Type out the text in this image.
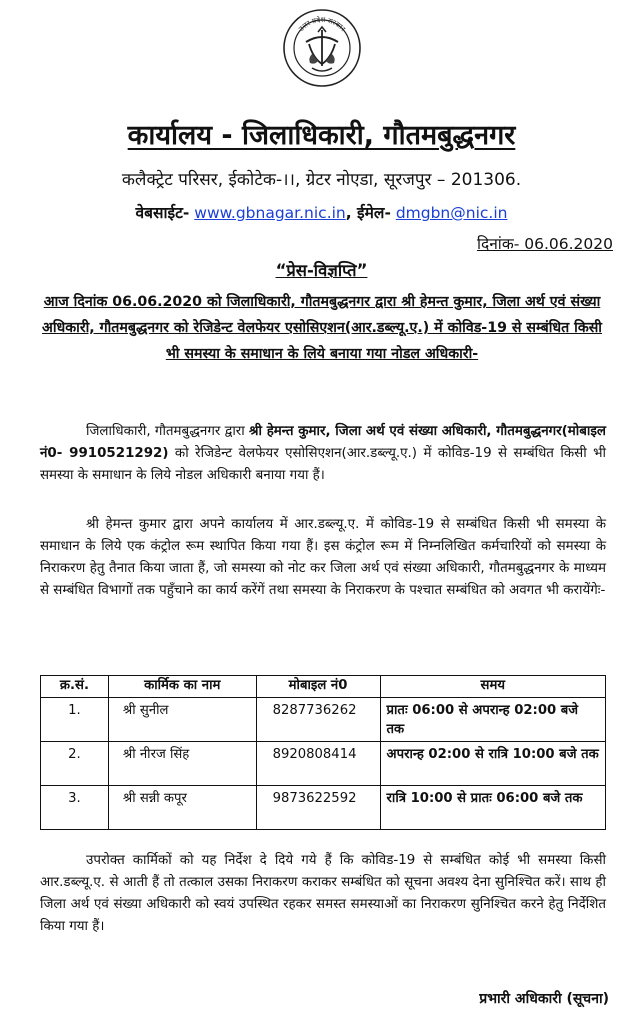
उत्तर प्रदेश सरकार
कार्यालय - जिलाधिकारी, गौतमबुद्धनगर
कलैक्ट्रेट परिसर, ईकोटेक-।।, ग्रेटर नोएडा, सूरजपुर – 201306.
वेबसाईट- www.gbnagar.nic.in, ईमेल- dmgbn@nic.in
दिनांक- 06.06.2020
“प्रेस-विज्ञप्ति”
आज दिनांक 06.06.2020 को जिलाधिकारी, गौतमबुद्धनगर द्वारा श्री हेमन्त कुमार, जिला अर्थ एवं संख्या अधिकारी, गौतमबुद्धनगर को रेजिडेन्ट वेलफेयर एसोसिएशन(आर.डब्ल्यू.ए.) में कोविड-19 से सम्बंधित किसी भी समस्या के समाधान के लिये बनाया गया नोडल अधिकारी-

जिलाधिकारी, गौतमबुद्धनगर द्वारा श्री हेमन्त कुमार, जिला अर्थ एवं संख्या अधिकारी, गौतमबुद्धनगर(मोबाइल नं0- 9910521292) को रेजिडेन्ट वेलफेयर एसोसिएशन(आर.डब्ल्यू.ए.) में कोविड-19 से सम्बंधित किसी भी समस्या के समाधान के लिये नोडल अधिकारी बनाया गया हैं।

श्री हेमन्त कुमार द्वारा अपने कार्यालय में आर.डब्ल्यू.ए. में कोविड-19 से सम्बंधित किसी भी समस्या के समाधान के लिये एक कंट्रोल रूम स्थापित किया गया हैं। इस कंट्रोल रूम में निम्नलिखित कर्मचारियों को समस्या के निराकरण हेतु तैनात किया जाता हैं, जो समस्या को नोट कर जिला अर्थ एवं संख्या अधिकारी, गौतमबुद्धनगर के माध्यम से सम्बंधित विभागों तक पहुँचाने का कार्य करेंगें तथा समस्या के निराकरण के पश्चात सम्बंधित को अवगत भी करायेंगेः-

क्र.सं.	कार्मिक का नाम	मोबाइल नं0	समय
1.	श्री सुनील	8287736262	प्रातः 06:00 से अपरान्ह 02:00 बजे तक
2.	श्री नीरज सिंह	8920808414	अपरान्ह 02:00 से रात्रि 10:00 बजे तक
3.	श्री सन्नी कपूर	9873622592	रात्रि 10:00 से प्रातः 06:00 बजे तक

उपरोक्त कार्मिकों को यह निर्देश दे दिये गये हैं कि कोविड-19 से सम्बंधित कोई भी समस्या किसी आर.डब्ल्यू.ए. से आती हैं तो तत्काल उसका निराकरण कराकर सम्बंधित को सूचना अवश्य देना सुनिश्चित करें। साथ ही जिला अर्थ एवं संख्या अधिकारी को स्वयं उपस्थित रहकर समस्त समस्याओं का निराकरण सुनिश्चित करने हेतु निर्देशित किया गया हैं।

प्रभारी अधिकारी (सूचना)
